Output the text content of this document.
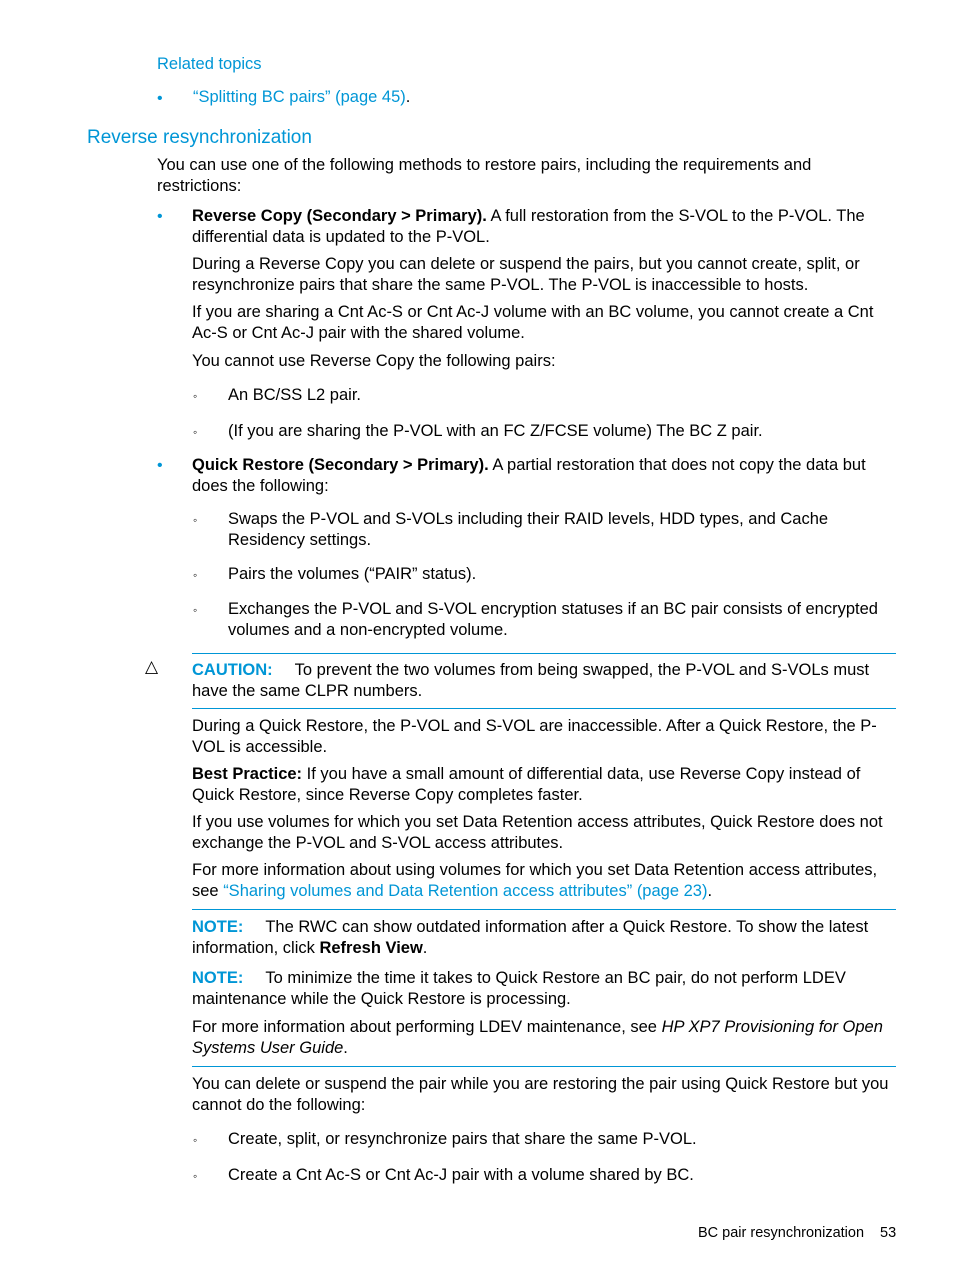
Related topics

• “Splitting BC pairs” (page 45).

Reverse resynchronization

You can use one of the following methods to restore pairs, including the requirements and restrictions:

• Reverse Copy (Secondary > Primary). A full restoration from the S-VOL to the P-VOL. The differential data is updated to the P-VOL.

During a Reverse Copy you can delete or suspend the pairs, but you cannot create, split, or resynchronize pairs that share the same P-VOL. The P-VOL is inaccessible to hosts.

If you are sharing a Cnt Ac-S or Cnt Ac-J volume with an BC volume, you cannot create a Cnt Ac-S or Cnt Ac-J pair with the shared volume.

You cannot use Reverse Copy the following pairs:

◦ An BC/SS L2 pair.

◦ (If you are sharing the P-VOL with an FC Z/FCSE volume) The BC Z pair.

• Quick Restore (Secondary > Primary). A partial restoration that does not copy the data but does the following:

◦ Swaps the P-VOL and S-VOLs including their RAID levels, HDD types, and Cache Residency settings.

◦ Pairs the volumes (“PAIR” status).

◦ Exchanges the P-VOL and S-VOL encryption statuses if an BC pair consists of encrypted volumes and a non-encrypted volume.

△ CAUTION: To prevent the two volumes from being swapped, the P-VOL and S-VOLs must have the same CLPR numbers.

During a Quick Restore, the P-VOL and S-VOL are inaccessible. After a Quick Restore, the P-VOL is accessible.

Best Practice: If you have a small amount of differential data, use Reverse Copy instead of Quick Restore, since Reverse Copy completes faster.

If you use volumes for which you set Data Retention access attributes, Quick Restore does not exchange the P-VOL and S-VOL access attributes.

For more information about using volumes for which you set Data Retention access attributes, see “Sharing volumes and Data Retention access attributes” (page 23).

NOTE: The RWC can show outdated information after a Quick Restore. To show the latest information, click Refresh View.

NOTE: To minimize the time it takes to Quick Restore an BC pair, do not perform LDEV maintenance while the Quick Restore is processing.

For more information about performing LDEV maintenance, see HP XP7 Provisioning for Open Systems User Guide.

You can delete or suspend the pair while you are restoring the pair using Quick Restore but you cannot do the following:

◦ Create, split, or resynchronize pairs that share the same P-VOL.

◦ Create a Cnt Ac-S or Cnt Ac-J pair with a volume shared by BC.

BC pair resynchronization 53
